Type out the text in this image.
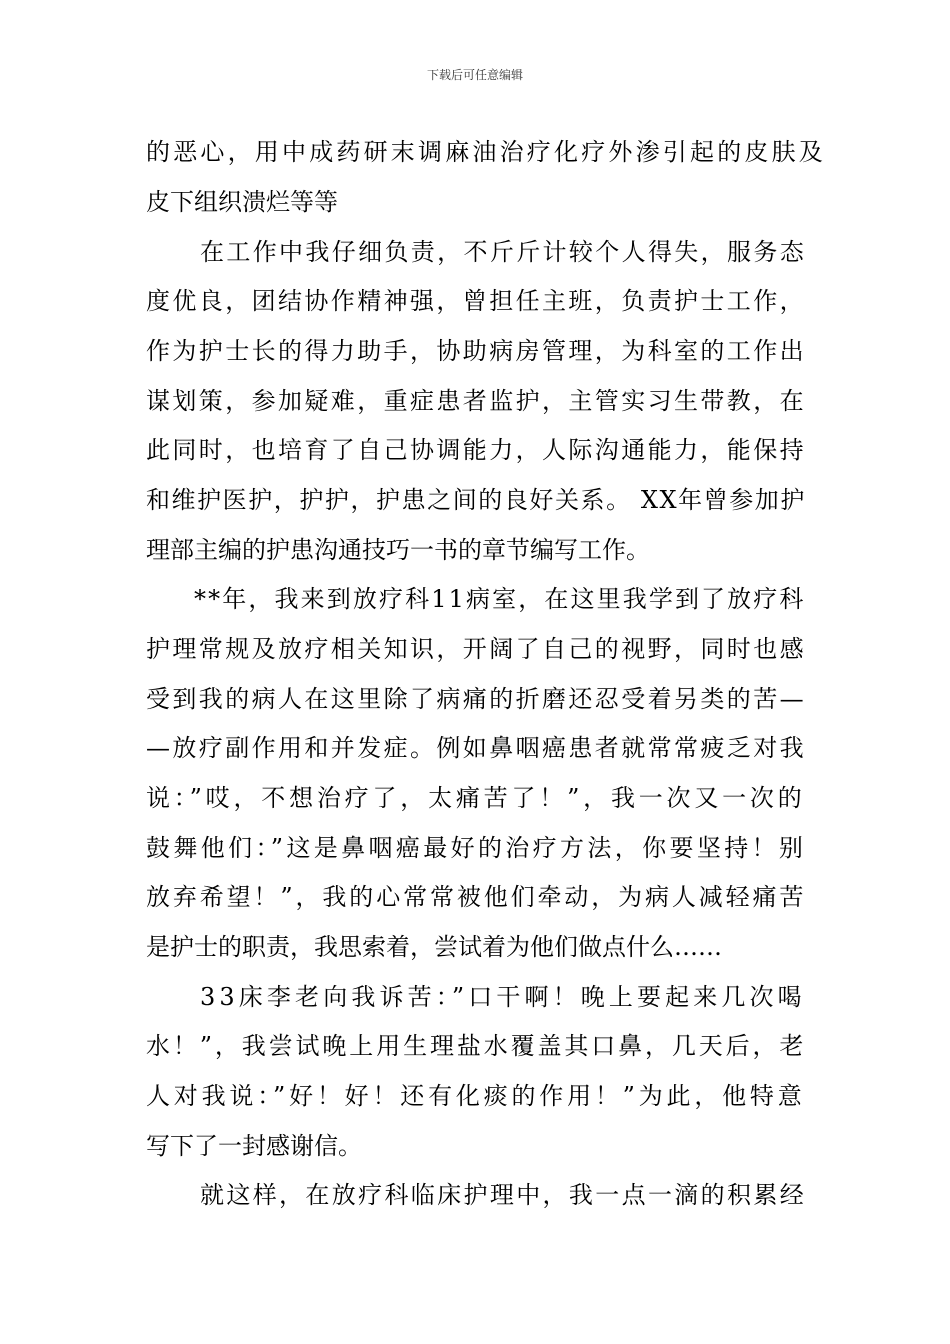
下载后可任意编辑
的恶心，用中成药研末调麻油治疗化疗外渗引起的皮肤及
皮下组织溃烂等等
在工作中我仔细负责，不斤斤计较个人得失，服务态
度优良，团结协作精神强，曾担任主班，负责护士工作，
作为护士长的得力助手，协助病房管理，为科室的工作出
谋划策，参加疑难，重症患者监护，主管实习生带教，在
此同时，也培育了自己协调能力，人际沟通能力，能保持
和维护医护，护护，护患之间的良好关系。 XX年曾参加护
理部主编的护患沟通技巧一书的章节编写工作。
**年，我来到放疗科11病室，在这里我学到了放疗科
护理常规及放疗相关知识，开阔了自己的视野，同时也感
受到我的病人在这里除了病痛的折磨还忍受着另类的苦—
—放疗副作用和并发症。例如鼻咽癌患者就常常疲乏对我
说：”哎，不想治疗了，太痛苦了！”，我一次又一次的
鼓舞他们：”这是鼻咽癌最好的治疗方法，你要坚持！别
放弃希望！”，我的心常常被他们牵动，为病人减轻痛苦
是护士的职责，我思索着，尝试着为他们做点什么……
33床李老向我诉苦：”口干啊！晚上要起来几次喝
水！”，我尝试晚上用生理盐水覆盖其口鼻，几天后，老
人对我说：”好！好！还有化痰的作用！”为此，他特意
写下了一封感谢信。
就这样，在放疗科临床护理中，我一点一滴的积累经
